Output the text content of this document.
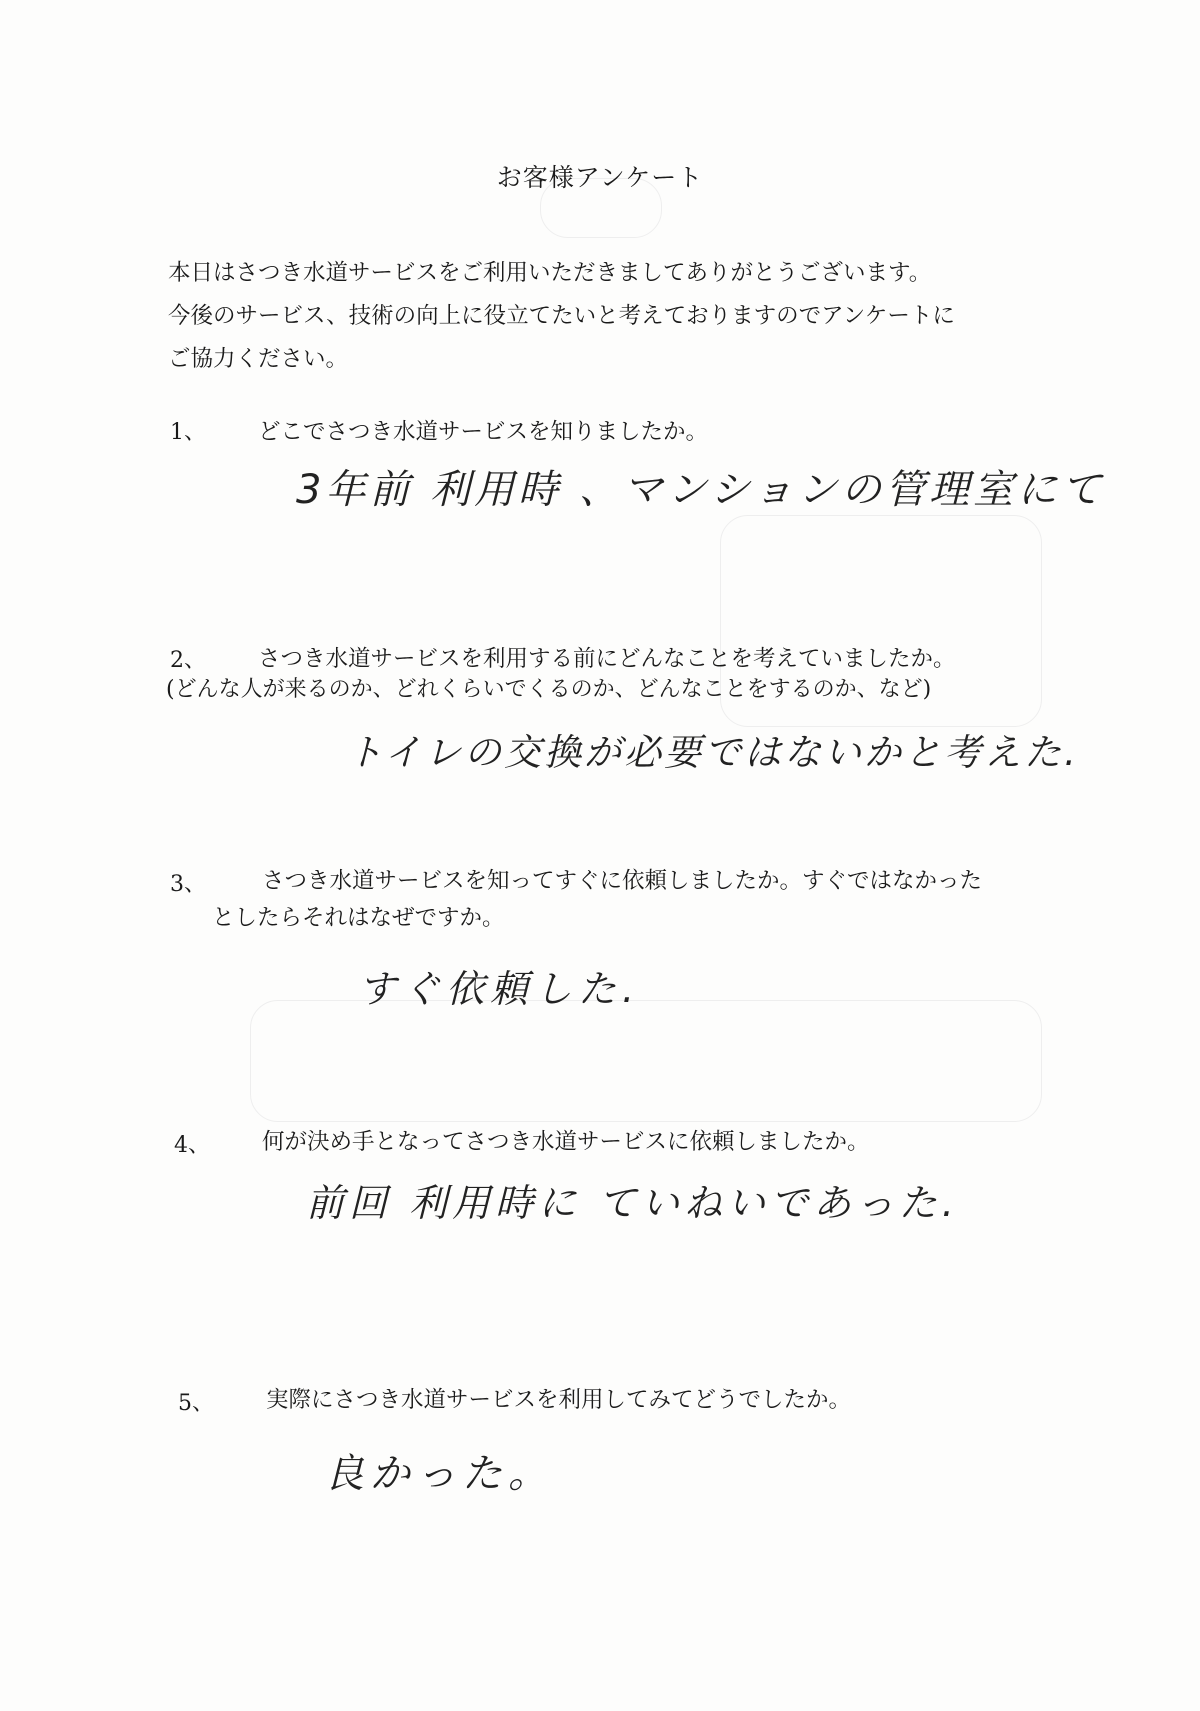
お客様アンケート
本日はさつき水道サービスをご利用いただきましてありがとうございます。
今後のサービス、技術の向上に役立てたいと考えておりますのでアンケートに
ご協力ください。
1、 どこでさつき水道サービスを知りましたか。
3年前 利用時 、マンションの管理室にて
2、 さつき水道サービスを利用する前にどんなことを考えていましたか。
(どんな人が来るのか、どれくらいでくるのか、どんなことをするのか、など)
トイレの交換が必要ではないかと考えた.
3、 さつき水道サービスを知ってすぐに依頼しましたか。すぐではなかった
としたらそれはなぜですか。
すぐ依頼した.
4、 何が決め手となってさつき水道サービスに依頼しましたか。
前回 利用時に ていねいであった.
5、 実際にさつき水道サービスを利用してみてどうでしたか。
良かった。
